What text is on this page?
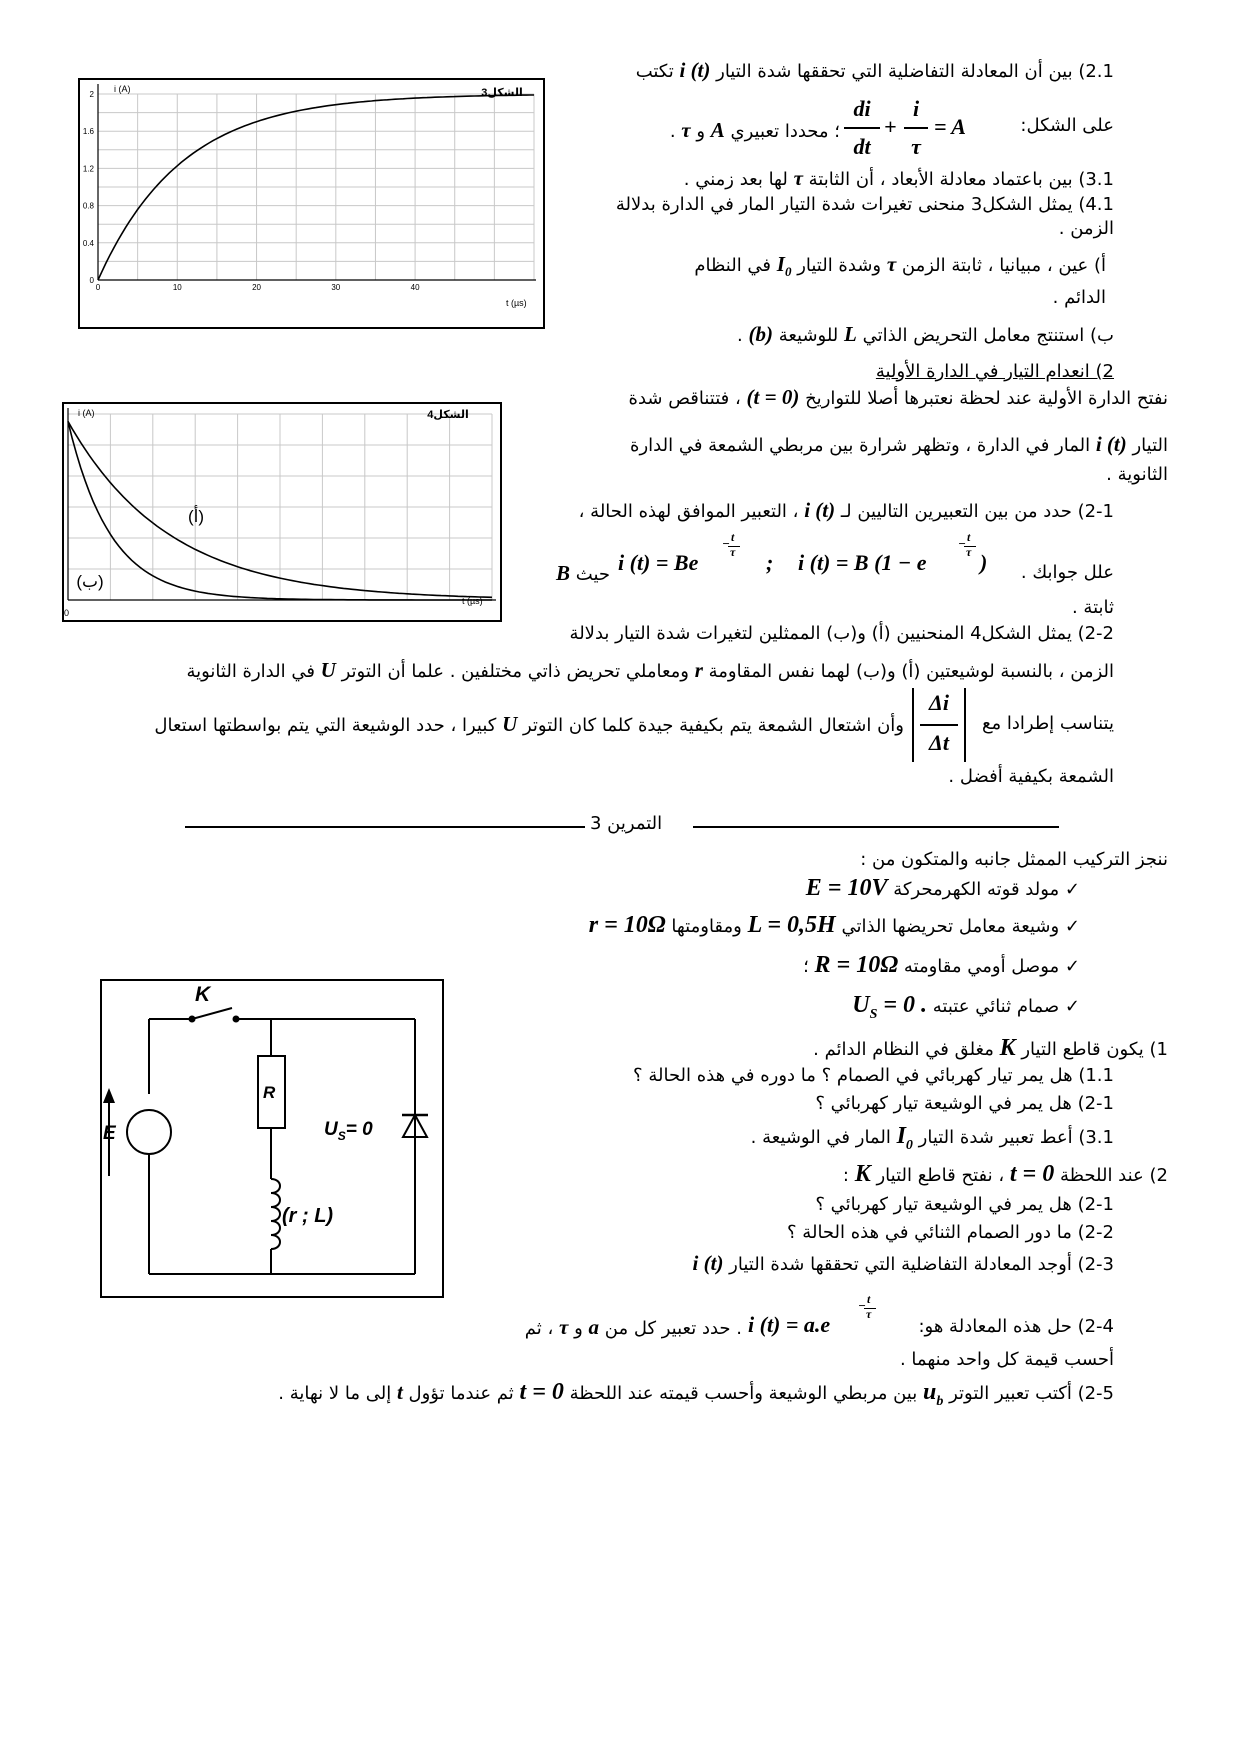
الشكل3
i (A)
t (µs)
0
0.4
0.8
1.2
1.6
2
0	10	20	30	40
الشكل4
i (A)
t (µs)
0
(أ)
(ب)
K
R
E
(r ; L)
$U_S= 0$
2.1) بين أن المعادلة التفاضلية التي تحققها شدة التيار i (t) تكتب
على الشكل:
di
dt
+
i
τ
= A
؛ محددا تعبيري A و τ .
3.1) بين باعتماد معادلة الأبعاد ، أن الثابتة τ لها بعد زمني .
4.1) يمثل الشكل3 منحنى تغيرات شدة التيار المار في الدارة بدلالة
الزمن .
أ) عين ، مبيانيا ، ثابتة الزمن τ وشدة التيار $I_0$ في النظام
الدائم .
ب) استنتج معامل التحريض الذاتي L للوشيعة (b) .
2) انعدام التيار في الدارة الأولية
نفتح الدارة الأولية عند لحظة نعتبرها أصلا للتواريخ (t = 0) ، فتتناقص شدة
التيار i (t) المار في الدارة ، وتظهر شرارة بين مربطي الشمعة في الدارة
الثانوية .
2-1) حدد من بين التعبيرين التاليين لـ i (t) ، التعبير الموافق لهذه الحالة ،
علل جوابك .
i (t) = Be
− t
τ ; i (t) = B (1 − e
− t
τ )
حيث B
ثابتة .
2-2) يمثل الشكل4 المنحنيين (أ) و(ب) الممثلين لتغيرات شدة التيار بدلالة
الزمن ، بالنسبة لوشيعتين (أ) و(ب) لهما نفس المقاومة r ومعاملي تحريض ذاتي مختلفين . علما أن التوتر U في الدارة الثانوية
يتناسب إطرادا مع
Δi
Δt
وأن اشتعال الشمعة يتم بكيفية جيدة كلما كان التوتر U كبيرا ، حدد الوشيعة التي يتم بواسطتها استعال
الشمعة بكيفية أفضل .
التمرين 3
ننجز التركيب الممثل جانبه والمتكون من :
✓ مولد قوته الكهرمحركة E = 10V
✓ وشيعة معامل تحريضها الذاتي L = 0,5H ومقاومتها r = 10Ω
✓ موصل أومي مقاومته R = 10Ω ؛
✓ صمام ثنائي عتبته $U_S = 0$ .
1) يكون قاطع التيار K مغلق في النظام الدائم .
1.1) هل يمر تيار كهربائي في الصمام ؟ ما دوره في هذه الحالة ؟
2-1) هل يمر في الوشيعة تيار كهربائي ؟
3.1) أعط تعبير شدة التيار $I_0$ المار في الوشيعة .
2) عند اللحظة t = 0 ، نفتح قاطع التيار K :
2-1) هل يمر في الوشيعة تيار كهربائي ؟
2-2) ما دور الصمام الثنائي في هذه الحالة ؟
2-3) أوجد المعادلة التفاضلية التي تحققها شدة التيار i (t)
2-4) حل هذه المعادلة هو:
i (t) = a.e
− t
τ
. حدد تعبير كل من a و τ ، ثم
أحسب قيمة كل واحد منهما .
2-5) أكتب تعبير التوتر $u_b$ بين مربطي الوشيعة وأحسب قيمته عند اللحظة t = 0 ثم عندما تؤول t إلى ما لا نهاية .
